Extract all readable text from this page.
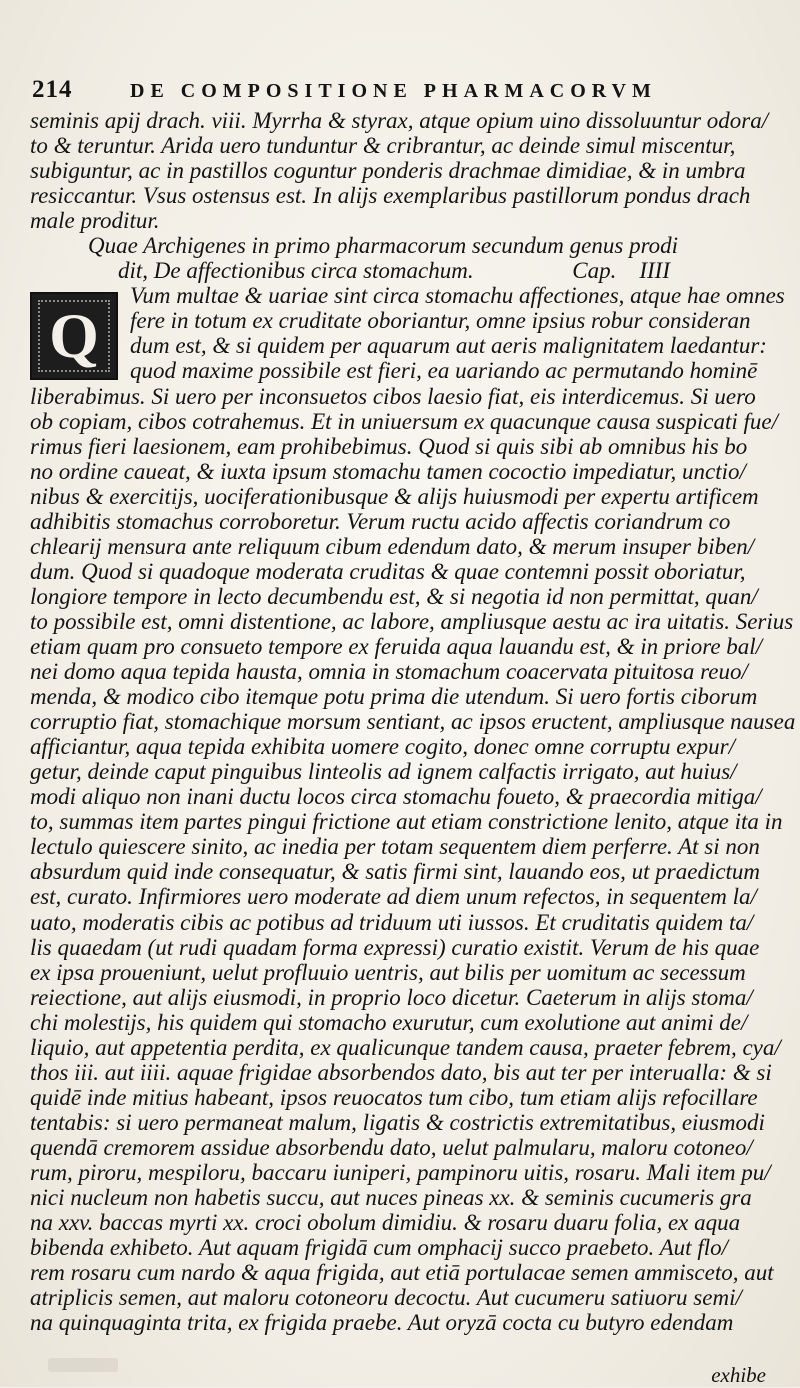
214	DE COMPOSITIONE PHARMACORVM
Q
seminis apij drach. viii. Myrrha & styrax, atque opium uino dissoluuntur odora/
to & teruntur. Arida uero tunduntur & cribrantur, ac deinde simul miscentur,
subiguntur, ac in pastillos coguntur ponderis drachmae dimidiae, & in umbra
resiccantur. Vsus ostensus est. In alijs exemplaribus pastillorum pondus drach
male proditur.
Quae Archigenes in primo pharmacorum secundum genus prodi
dit, De affectionibus circa stomachum.	Cap. IIII
Vum multae & uariae sint circa stomachu affectiones, atque hae omnes
fere in totum ex cruditate oboriantur, omne ipsius robur consideran
dum est, & si quidem per aquarum aut aeris malignitatem laedantur:
quod maxime possibile est fieri, ea uariando ac permutando hominē
liberabimus. Si uero per inconsuetos cibos laesio fiat, eis interdicemus. Si uero
ob copiam, cibos cotrahemus. Et in uniuersum ex quacunque causa suspicati fue/
rimus fieri laesionem, eam prohibebimus. Quod si quis sibi ab omnibus his bo
no ordine caueat, & iuxta ipsum stomachu tamen cococtio impediatur, unctio/
nibus & exercitijs, uociferationibusque & alijs huiusmodi per expertu artificem
adhibitis stomachus corroboretur. Verum ructu acido affectis coriandrum co
chlearij mensura ante reliquum cibum edendum dato, & merum insuper biben/
dum. Quod si quadoque moderata cruditas & quae contemni possit oboriatur,
longiore tempore in lecto decumbendu est, & si negotia id non permittat, quan/
to possibile est, omni distentione, ac labore, ampliusque aestu ac ira uitatis. Serius
etiam quam pro consueto tempore ex feruida aqua lauandu est, & in priore bal/
nei domo aqua tepida hausta, omnia in stomachum coacervata pituitosa reuo/
menda, & modico cibo itemque potu prima die utendum. Si uero fortis ciborum
corruptio fiat, stomachique morsum sentiant, ac ipsos eructent, ampliusque nausea
afficiantur, aqua tepida exhibita uomere cogito, donec omne corruptu expur/
getur, deinde caput pinguibus linteolis ad ignem calfactis irrigato, aut huius/
modi aliquo non inani ductu locos circa stomachu foueto, & praecordia mitiga/
to, summas item partes pingui frictione aut etiam constrictione lenito, atque ita in
lectulo quiescere sinito, ac inedia per totam sequentem diem perferre. At si non
absurdum quid inde consequatur, & satis firmi sint, lauando eos, ut praedictum
est, curato. Infirmiores uero moderate ad diem unum refectos, in sequentem la/
uato, moderatis cibis ac potibus ad triduum uti iussos. Et cruditatis quidem ta/
lis quaedam (ut rudi quadam forma expressi) curatio existit. Verum de his quae
ex ipsa proueniunt, uelut profluuio uentris, aut bilis per uomitum ac secessum
reiectione, aut alijs eiusmodi, in proprio loco dicetur. Caeterum in alijs stoma/
chi molestijs, his quidem qui stomacho exurutur, cum exolutione aut animi de/
liquio, aut appetentia perdita, ex qualicunque tandem causa, praeter febrem, cya/
thos iii. aut iiii. aquae frigidae absorbendos dato, bis aut ter per interualla: & si
quidē inde mitius habeant, ipsos reuocatos tum cibo, tum etiam alijs refocillare
tentabis: si uero permaneat malum, ligatis & costrictis extremitatibus, eiusmodi
quendā cremorem assidue absorbendu dato, uelut palmularu, maloru cotoneo/
rum, piroru, mespiloru, baccaru iuniperi, pampinoru uitis, rosaru. Mali item pu/
nici nucleum non habetis succu, aut nuces pineas xx. & seminis cucumeris gra
na xxv. baccas myrti xx. croci obolum dimidiu. & rosaru duaru folia, ex aqua
bibenda exhibeto. Aut aquam frigidā cum omphacij succo praebeto. Aut flo/
rem rosaru cum nardo & aqua frigida, aut etiā portulacae semen ammisceto, aut
atriplicis semen, aut maloru cotoneoru decoctu. Aut cucumeru satiuoru semi/
na quinquaginta trita, ex frigida praebe. Aut oryzā cocta cu butyro edendam
exhibe
